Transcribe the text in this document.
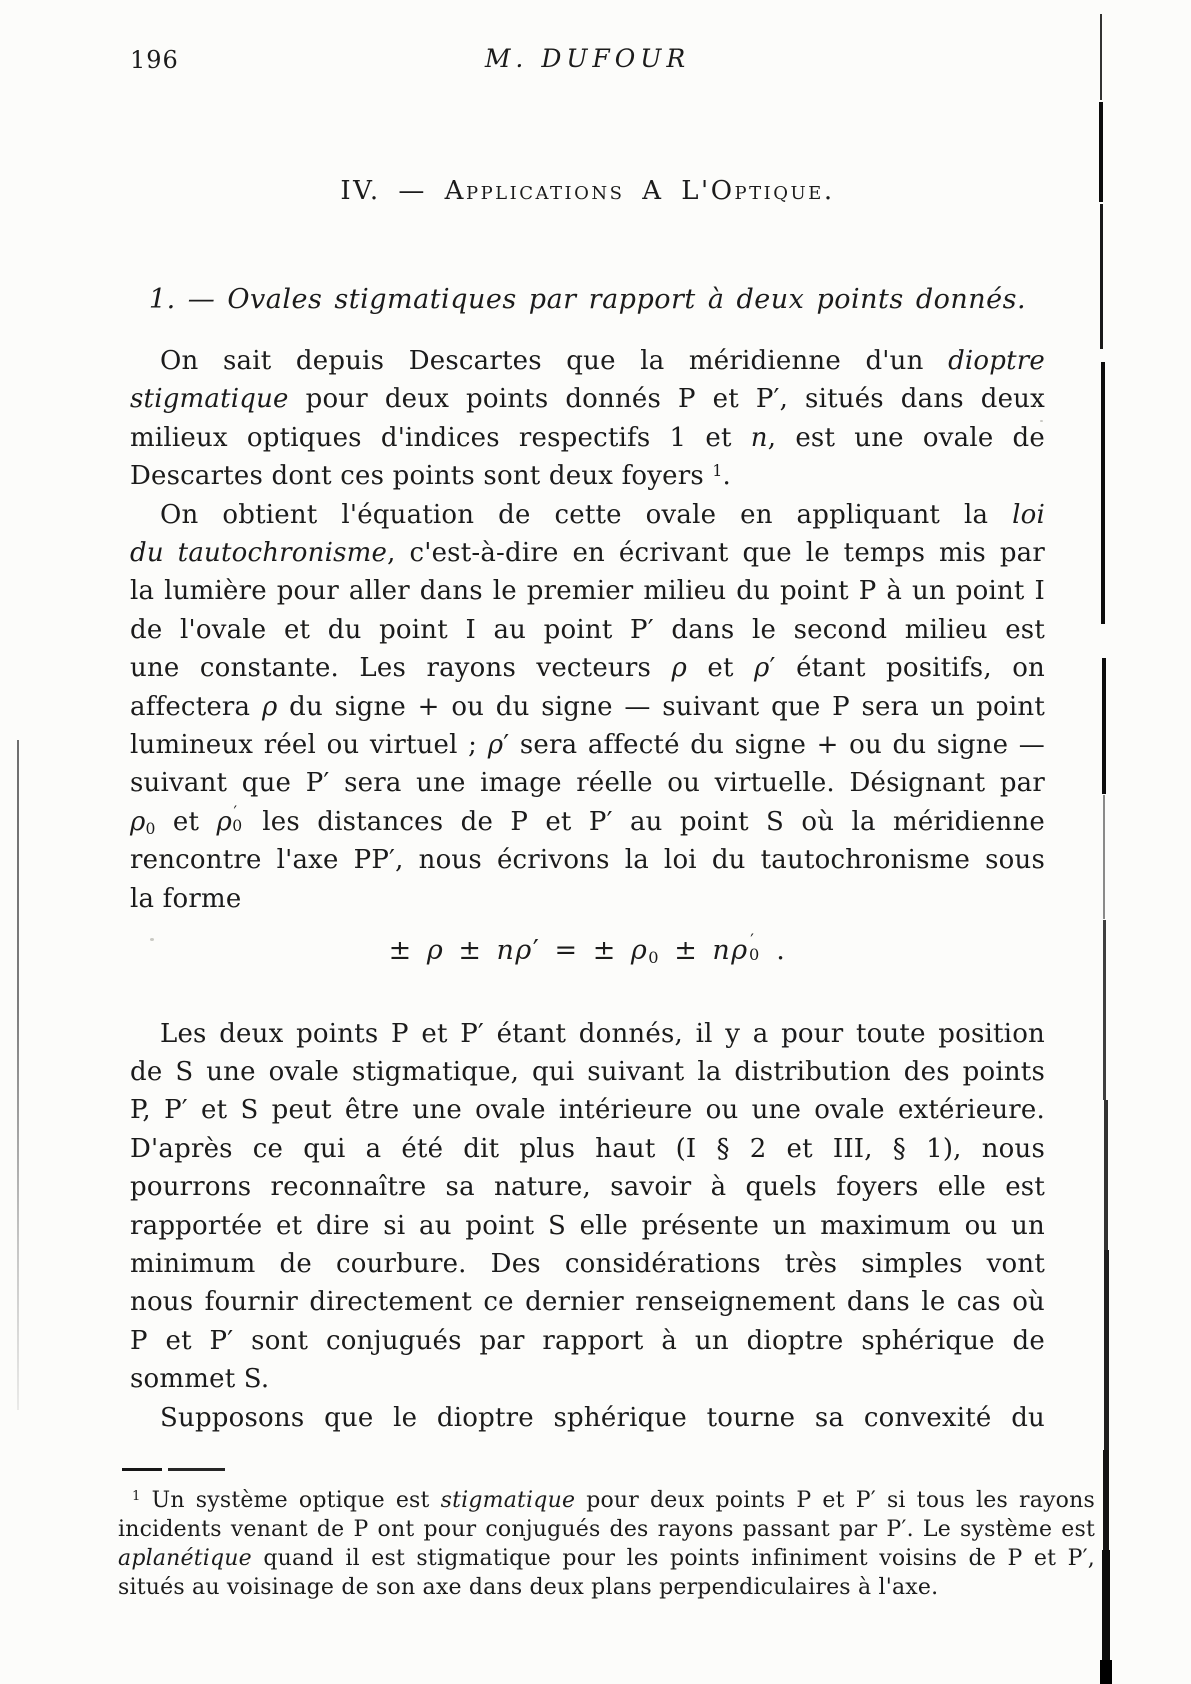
196	M. DUFOUR
IV. — Applications A L'Optique.
1. — Ovales stigmatiques par rapport à deux points donnés.
On sait depuis Descartes que la méridienne d'un dioptre
stigmatique pour deux points donnés P et P′, situés dans deux
milieux optiques d'indices respectifs 1 et n, est une ovale de
Descartes dont ces points sont deux foyers $^1$.
On obtient l'équation de cette ovale en appliquant la loi
du tautochronisme, c'est-à-dire en écrivant que le temps mis par
la lumière pour aller dans le premier milieu du point P à un point I
de l'ovale et du point I au point P′ dans le second milieu est
une constante. Les rayons vecteurs ρ et ρ′ étant positifs, on
affectera ρ du signe + ou du signe — suivant que P sera un point
lumineux réel ou virtuel ; ρ′ sera affecté du signe + ou du signe —
suivant que P′ sera une image réelle ou virtuelle. Désignant par
$\rho_0$ et ρ ′
0 les distances de P et P′ au point S où la méridienne
rencontre l'axe PP′, nous écrivons la loi du tautochronisme sous
la forme
± ρ ± nρ′ = ± $\rho_0 \pm n\rho$ ′
0 .
Les deux points P et P′ étant donnés, il y a pour toute position
de S une ovale stigmatique, qui suivant la distribution des points
P, P′ et S peut être une ovale intérieure ou une ovale extérieure.
D'après ce qui a été dit plus haut (I § 2 et III, § 1), nous
pourrons reconnaître sa nature, savoir à quels foyers elle est
rapportée et dire si au point S elle présente un maximum ou un
minimum de courbure. Des considérations très simples vont
nous fournir directement ce dernier renseignement dans le cas où
P et P′ sont conjugués par rapport à un dioptre sphérique de
sommet S.
Supposons que le dioptre sphérique tourne sa convexité du
$^1$ Un système optique est stigmatique pour deux points P et P′ si tous les rayons
incidents venant de P ont pour conjugués des rayons passant par P′. Le système est
aplanétique quand il est stigmatique pour les points infiniment voisins de P et P′,
situés au voisinage de son axe dans deux plans perpendiculaires à l'axe.
